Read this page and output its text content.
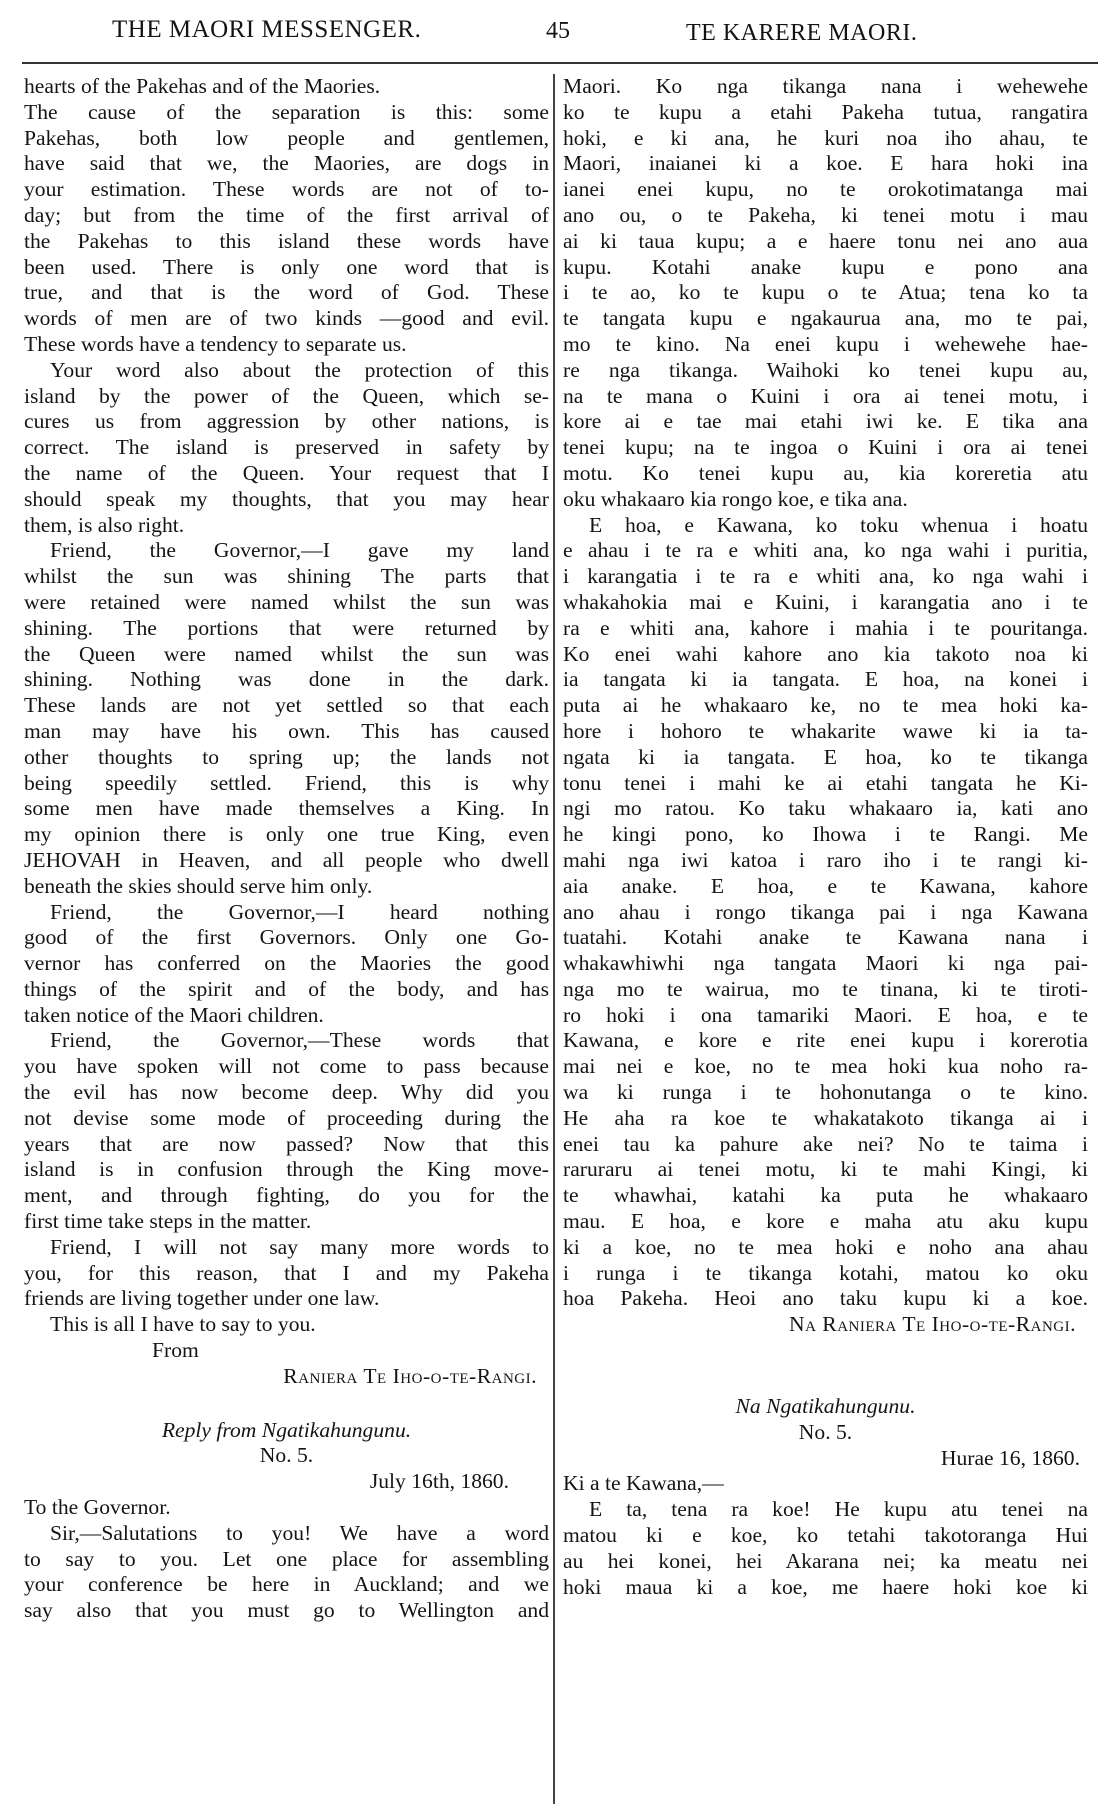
THE MAORI MESSENGER.	45	TE KARERE MAORI.
hearts of the Pakehas and of the Maories.
The cause of the separation is this: some
Pakehas, both low people and gentlemen,
have said that we, the Maories, are dogs in
your estimation. These words are not of to-
day; but from the time of the first arrival of
the Pakehas to this island these words have
been used. There is only one word that is
true, and that is the word of God. These
words of men are of two kinds —good and evil.
These words have a tendency to separate us.
Your word also about the protection of this
island by the power of the Queen, which se-
cures us from aggression by other nations, is
correct. The island is preserved in safety by
the name of the Queen. Your request that I
should speak my thoughts, that you may hear
them, is also right.
Friend, the Governor,—I gave my land
whilst the sun was shining The parts that
were retained were named whilst the sun was
shining. The portions that were returned by
the Queen were named whilst the sun was
shining. Nothing was done in the dark.
These lands are not yet settled so that each
man may have his own. This has caused
other thoughts to spring up; the lands not
being speedily settled. Friend, this is why
some men have made themselves a King. In
my opinion there is only one true King, even
JEHOVAH in Heaven, and all people who dwell
beneath the skies should serve him only.
Friend, the Governor,—I heard nothing
good of the first Governors. Only one Go-
vernor has conferred on the Maories the good
things of the spirit and of the body, and has
taken notice of the Maori children.
Friend, the Governor,—These words that
you have spoken will not come to pass because
the evil has now become deep. Why did you
not devise some mode of proceeding during the
years that are now passed? Now that this
island is in confusion through the King move-
ment, and through fighting, do you for the
first time take steps in the matter.
Friend, I will not say many more words to
you, for this reason, that I and my Pakeha
friends are living together under one law.
This is all I have to say to you.
From
Raniera Te Iho-o-te-Rangi.
Reply from Ngatikahungunu.
No. 5.
July 16th, 1860.
To the Governor.
Sir,—Salutations to you! We have a word
to say to you. Let one place for assembling
your conference be here in Auckland; and we
say also that you must go to Wellington and
Maori. Ko nga tikanga nana i wehewehe
ko te kupu a etahi Pakeha tutua, rangatira
hoki, e ki ana, he kuri noa iho ahau, te
Maori, inaianei ki a koe. E hara hoki ina
ianei enei kupu, no te orokotimatanga mai
ano ou, o te Pakeha, ki tenei motu i mau
ai ki taua kupu; a e haere tonu nei ano aua
kupu. Kotahi anake kupu e pono ana
i te ao, ko te kupu o te Atua; tena ko ta
te tangata kupu e ngakaurua ana, mo te pai,
mo te kino. Na enei kupu i wehewehe hae-
re nga tikanga. Waihoki ko tenei kupu au,
na te mana o Kuini i ora ai tenei motu, i
kore ai e tae mai etahi iwi ke. E tika ana
tenei kupu; na te ingoa o Kuini i ora ai tenei
motu. Ko tenei kupu au, kia koreretia atu
oku whakaaro kia rongo koe, e tika ana.
E hoa, e Kawana, ko toku whenua i hoatu
e ahau i te ra e whiti ana, ko nga wahi i puritia,
i karangatia i te ra e whiti ana, ko nga wahi i
whakahokia mai e Kuini, i karangatia ano i te
ra e whiti ana, kahore i mahia i te pouritanga.
Ko enei wahi kahore ano kia takoto noa ki
ia tangata ki ia tangata. E hoa, na konei i
puta ai he whakaaro ke, no te mea hoki ka-
hore i hohoro te whakarite wawe ki ia ta-
ngata ki ia tangata. E hoa, ko te tikanga
tonu tenei i mahi ke ai etahi tangata he Ki-
ngi mo ratou. Ko taku whakaaro ia, kati ano
he kingi pono, ko Ihowa i te Rangi. Me
mahi nga iwi katoa i raro iho i te rangi ki-
aia anake. E hoa, e te Kawana, kahore
ano ahau i rongo tikanga pai i nga Kawana
tuatahi. Kotahi anake te Kawana nana i
whakawhiwhi nga tangata Maori ki nga pai-
nga mo te wairua, mo te tinana, ki te tiroti-
ro hoki i ona tamariki Maori. E hoa, e te
Kawana, e kore e rite enei kupu i korerotia
mai nei e koe, no te mea hoki kua noho ra-
wa ki runga i te hohonutanga o te kino.
He aha ra koe te whakatakoto tikanga ai i
enei tau ka pahure ake nei? No te taima i
raruraru ai tenei motu, ki te mahi Kingi, ki
te whawhai, katahi ka puta he whakaaro
mau. E hoa, e kore e maha atu aku kupu
ki a koe, no te mea hoki e noho ana ahau
i runga i te tikanga kotahi, matou ko oku
hoa Pakeha. Heoi ano taku kupu ki a koe.
Na Raniera Te Iho-o-te-Rangi.
Na Ngatikahungunu.
No. 5.
Hurae 16, 1860.
Ki a te Kawana,—
E ta, tena ra koe! He kupu atu tenei na
matou ki e koe, ko tetahi takotoranga Hui
au hei konei, hei Akarana nei; ka meatu nei
hoki maua ki a koe, me haere hoki koe ki
